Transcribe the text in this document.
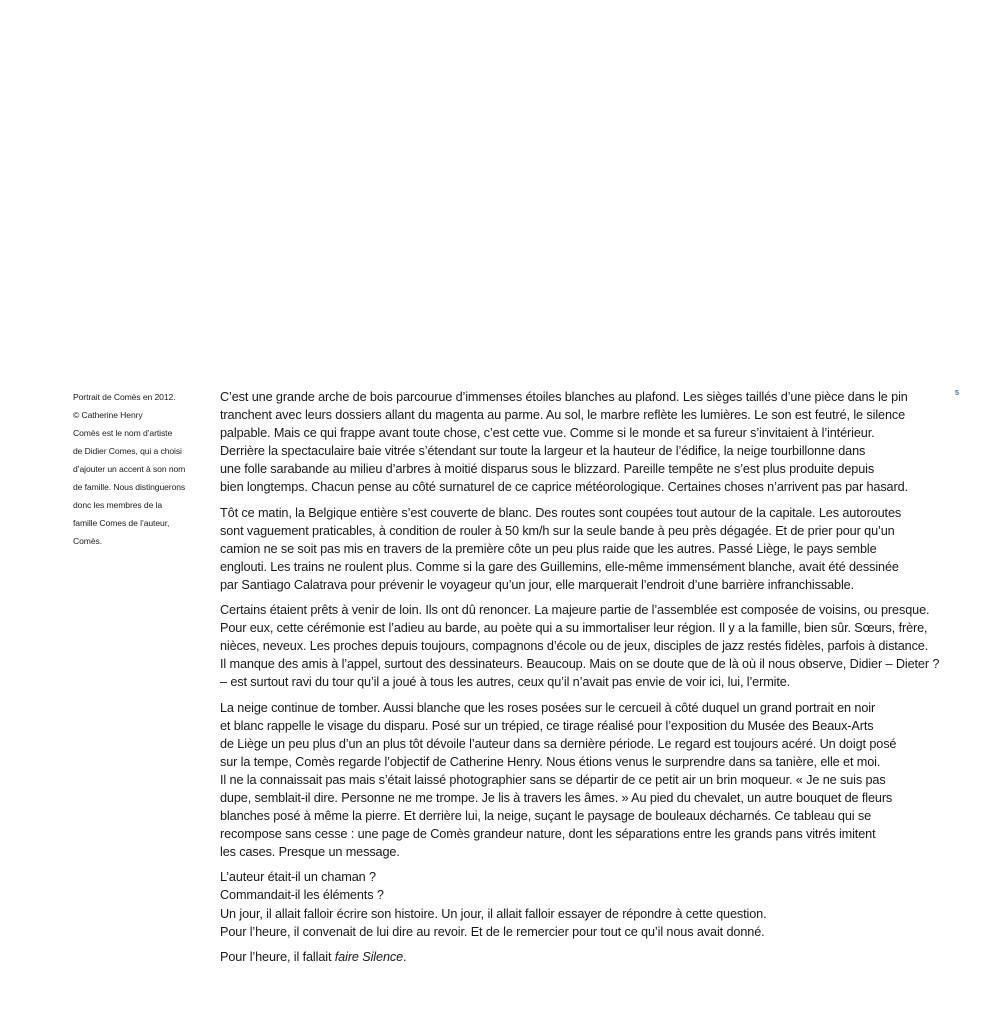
5
Portrait de Comès en 2012.
© Catherine Henry
Comès est le nom d’artiste
de Didier Comes, qui a choisi
d’ajouter un accent à son nom
de famille. Nous distinguerons
donc les membres de la
famille Comes de l’auteur,
Comès.
C’est une grande arche de bois parcourue d’immenses étoiles blanches au plafond. Les sièges taillés d’une pièce dans le pin
tranchent avec leurs dossiers allant du magenta au parme. Au sol, le marbre reflète les lumières. Le son est feutré, le silence
palpable. Mais ce qui frappe avant toute chose, c’est cette vue. Comme si le monde et sa fureur s’invitaient à l’intérieur.
Derrière la spectaculaire baie vitrée s’étendant sur toute la largeur et la hauteur de l’édifice, la neige tourbillonne dans
une folle sarabande au milieu d’arbres à moitié disparus sous le blizzard. Pareille tempête ne s’est plus produite depuis
bien longtemps. Chacun pense au côté surnaturel de ce caprice météorologique. Certaines choses n’arrivent pas par hasard.
Tôt ce matin, la Belgique entière s’est couverte de blanc. Des routes sont coupées tout autour de la capitale. Les autoroutes
sont vaguement praticables, à condition de rouler à 50 km/h sur la seule bande à peu près dégagée. Et de prier pour qu’un
camion ne se soit pas mis en travers de la première côte un peu plus raide que les autres. Passé Liège, le pays semble
englouti. Les trains ne roulent plus. Comme si la gare des Guillemins, elle-même immensément blanche, avait été dessinée
par Santiago Calatrava pour prévenir le voyageur qu’un jour, elle marquerait l’endroit d’une barrière infranchissable.
Certains étaient prêts à venir de loin. Ils ont dû renoncer. La majeure partie de l’assemblée est composée de voisins, ou presque.
Pour eux, cette cérémonie est l’adieu au barde, au poète qui a su immortaliser leur région. Il y a la famille, bien sûr. Sœurs, frère,
nièces, neveux. Les proches depuis toujours, compagnons d’école ou de jeux, disciples de jazz restés fidèles, parfois à distance.
Il manque des amis à l’appel, surtout des dessinateurs. Beaucoup. Mais on se doute que de là où il nous observe, Didier – Dieter ?
– est surtout ravi du tour qu’il a joué à tous les autres, ceux qu’il n’avait pas envie de voir ici, lui, l’ermite.
La neige continue de tomber. Aussi blanche que les roses posées sur le cercueil à côté duquel un grand portrait en noir
et blanc rappelle le visage du disparu. Posé sur un trépied, ce tirage réalisé pour l’exposition du Musée des Beaux-Arts
de Liège un peu plus d’un an plus tôt dévoile l’auteur dans sa dernière période. Le regard est toujours acéré. Un doigt posé
sur la tempe, Comès regarde l’objectif de Catherine Henry. Nous étions venus le surprendre dans sa tanière, elle et moi.
Il ne la connaissait pas mais s’était laissé photographier sans se départir de ce petit air un brin moqueur. « Je ne suis pas
dupe, semblait-il dire. Personne ne me trompe. Je lis à travers les âmes. » Au pied du chevalet, un autre bouquet de fleurs
blanches posé à même la pierre. Et derrière lui, la neige, suçant le paysage de bouleaux décharnés. Ce tableau qui se
recompose sans cesse : une page de Comès grandeur nature, dont les séparations entre les grands pans vitrés imitent
les cases. Presque un message.
L’auteur était-il un chaman ?
Commandait-il les éléments ?
Un jour, il allait falloir écrire son histoire. Un jour, il allait falloir essayer de répondre à cette question.
Pour l’heure, il convenait de lui dire au revoir. Et de le remercier pour tout ce qu’il nous avait donné.
Pour l’heure, il fallait faire Silence.
